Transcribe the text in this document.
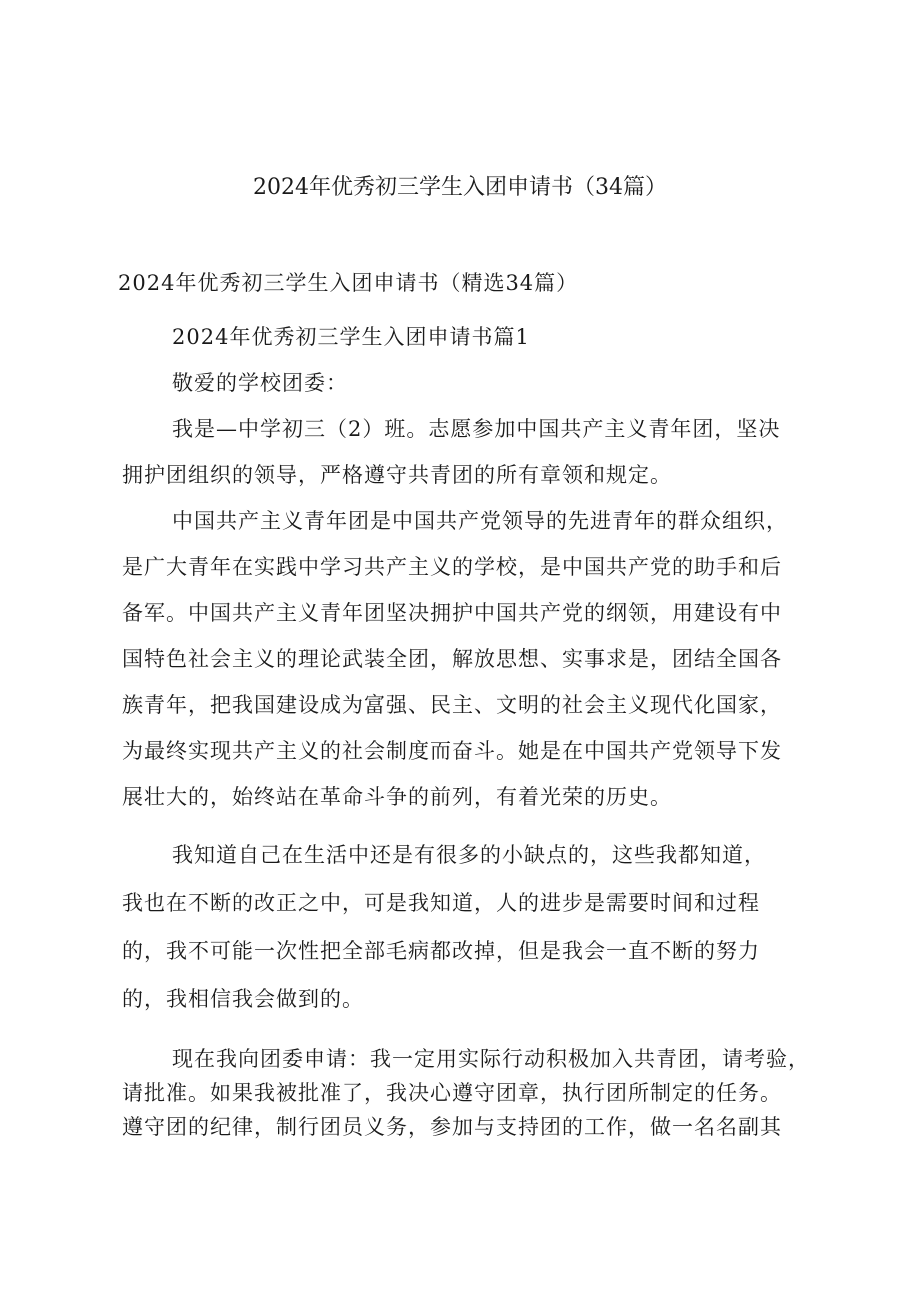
2024年优秀初三学生入团申请书（34篇）

2024年优秀初三学生入团申请书（精选34篇）

2024年优秀初三学生入团申请书篇1

敬爱的学校团委：

我是—中学初三（2）班。志愿参加中国共产主义青年团，坚决

拥护团组织的领导，严格遵守共青团的所有章领和规定。

中国共产主义青年团是中国共产党领导的先进青年的群众组织，

是广大青年在实践中学习共产主义的学校，是中国共产党的助手和后

备军。中国共产主义青年团坚决拥护中国共产党的纲领，用建设有中

国特色社会主义的理论武装全团，解放思想、实事求是，团结全国各

族青年，把我国建设成为富强、民主、文明的社会主义现代化国家，

为最终实现共产主义的社会制度而奋斗。她是在中国共产党领导下发

展壮大的，始终站在革命斗争的前列，有着光荣的历史。

我知道自己在生活中还是有很多的小缺点的，这些我都知道，

我也在不断的改正之中，可是我知道，人的进步是需要时间和过程

的，我不可能一次性把全部毛病都改掉，但是我会一直不断的努力

的，我相信我会做到的。

现在我向团委申请：我一定用实际行动积极加入共青团，请考验，

请批准。如果我被批准了，我决心遵守团章，执行团所制定的任务。

遵守团的纪律，制行团员义务，参加与支持团的工作，做一名名副其
